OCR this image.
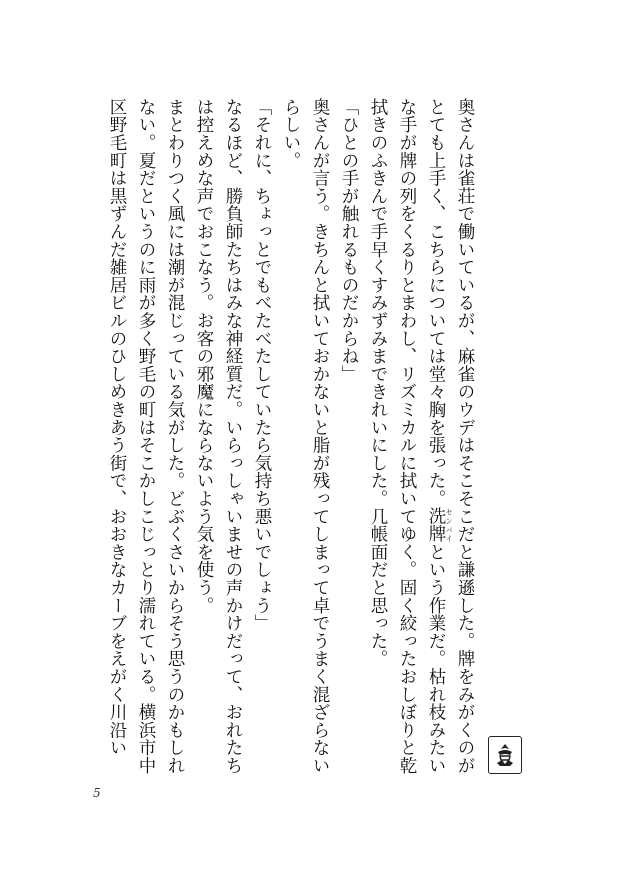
奥さんは雀荘で働いているが、麻雀のウデはそこそこだと謙遜した。牌をみがくのがとても上手く、こちらについては堂々胸を張った。洗牌 センパイという作業だ。枯れ枝みたいな手が牌の列をくるりとまわし、リズミカルに拭いてゆく。固く絞ったおしぼりと乾拭きのふきんで手早くすみずみまできれいにした。几帳面だと思った。

「ひとの手が触れるものだからね」

奥さんが言う。きちんと拭いておかないと脂が残ってしまって卓でうまく混ざらないらしい。

「それに、ちょっとでもべたべたしていたら気持ち悪いでしょう」

なるほど、勝負師たちはみな神経質だ。いらっしゃいませの声かけだって、おれたちは控えめな声でおこなう。お客の邪魔にならないよう気を使う。

まとわりつく風には潮が混じっている気がした。どぶくさいからそう思うのかもしれない。夏だというのに雨が多く野毛の町はそこかしこじっとり濡れている。横浜市中区野毛町は黒ずんだ雑居ビルのひしめきあう街で、おおきなカーブをえがく川沿い

5
